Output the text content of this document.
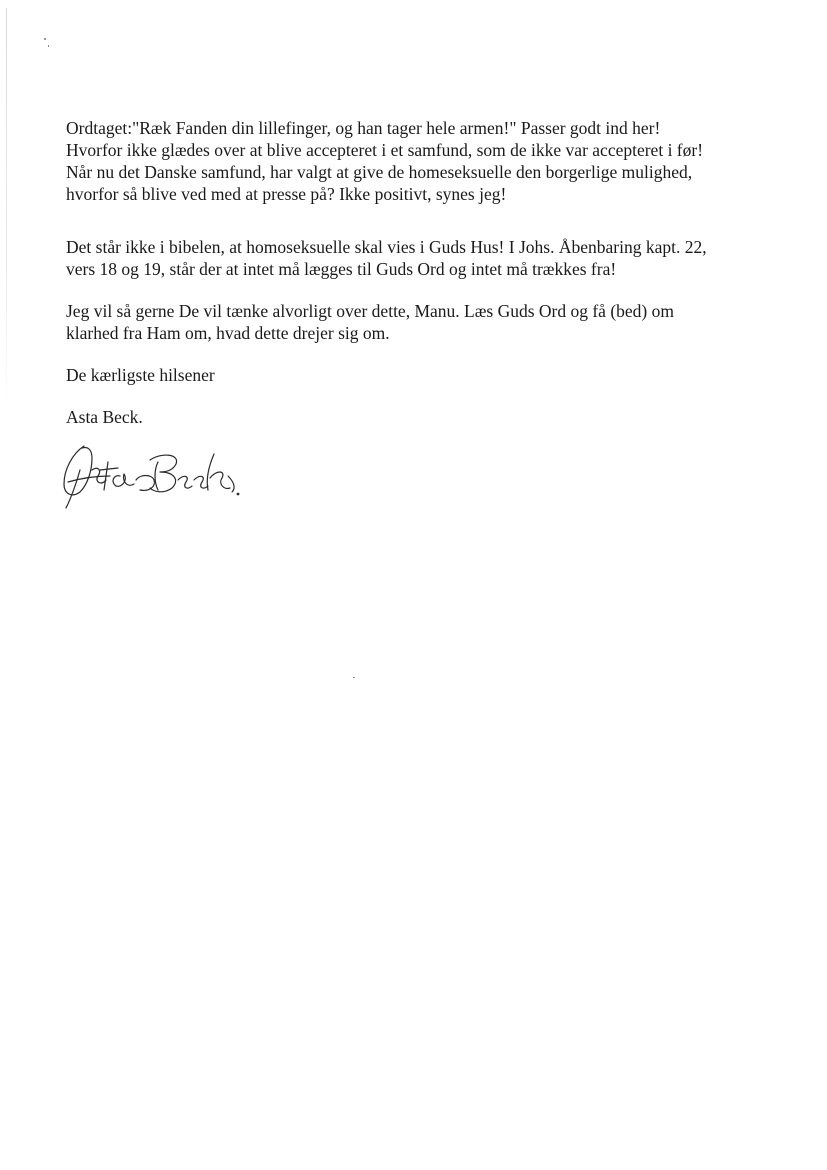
Ordtaget:"Ræk Fanden din lillefinger, og han tager hele armen!" Passer godt ind her!
Hvorfor ikke glædes over at blive accepteret i et samfund, som de ikke var accepteret i før!
Når nu det Danske samfund, har valgt at give de homeseksuelle den borgerlige mulighed,
hvorfor så blive ved med at presse på? Ikke positivt, synes jeg!

Det står ikke i bibelen, at homoseksuelle skal vies i Guds Hus! I Johs. Åbenbaring kapt. 22,
vers 18 og 19, står der at intet må lægges til Guds Ord og intet må trækkes fra!

Jeg vil så gerne De vil tænke alvorligt over dette, Manu. Læs Guds Ord og få (bed) om
klarhed fra Ham om, hvad dette drejer sig om.

De kærligste hilsener

Asta Beck.
